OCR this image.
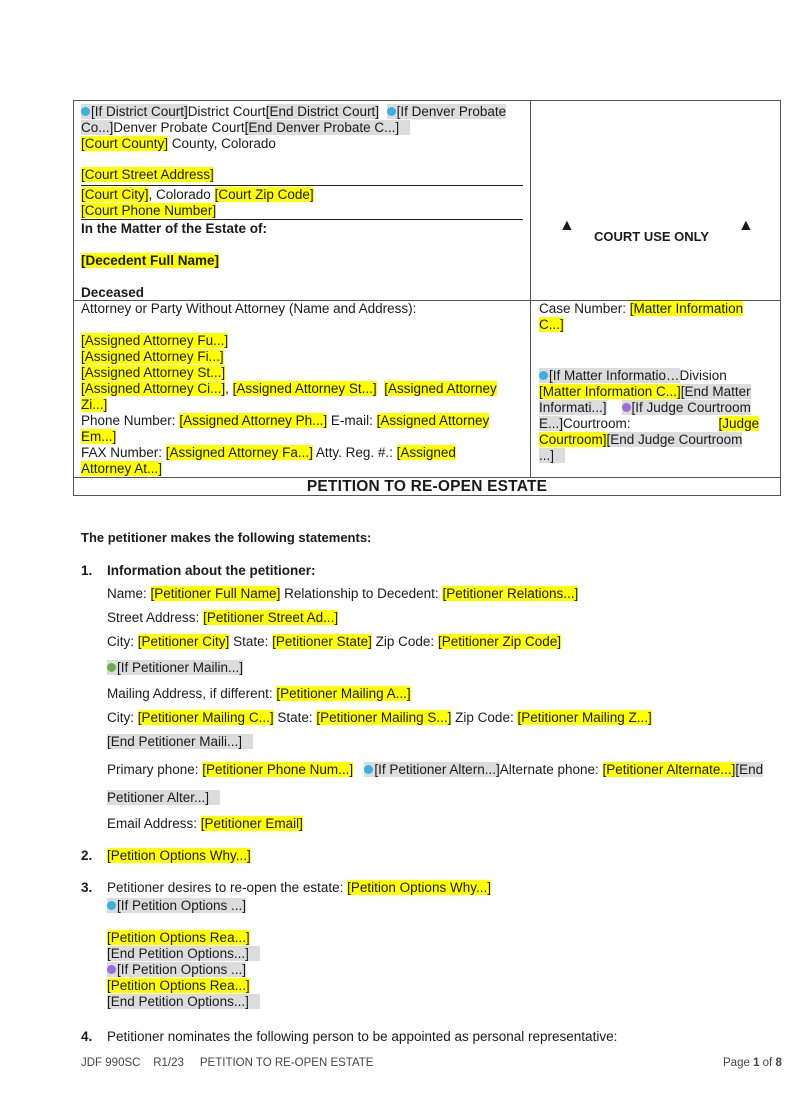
[If District Court]District Court[End District Court] [If Denver Probate
Co...]Denver Probate Court[End Denver Probate C...]
[Court County] County, Colorado
[Court Street Address]
[Court City], Colorado [Court Zip Code]
[Court Phone Number]
In the Matter of the Estate of:
[Decedent Full Name]
Deceased
▲
COURT USE ONLY
▲
Attorney or Party Without Attorney (Name and Address):

[Assigned Attorney Fu...]
[Assigned Attorney Fi...]
[Assigned Attorney St...]
[Assigned Attorney Ci...], [Assigned Attorney St...] [Assigned Attorney
Zi...]
Phone Number: [Assigned Attorney Ph...] E-mail: [Assigned Attorney
Em...]
FAX Number: [Assigned Attorney Fa...] Atty. Reg. #.: [Assigned
Attorney At...]
Case Number: [Matter Information
C...]
[If Matter Informatio…Division
[Matter Information C...][End Matter
Informati...] [If Judge Courtroom
E...]Courtroom:	[Judge
Courtroom][End Judge Courtroom
...]
PETITION TO RE-OPEN ESTATE
The petitioner makes the following statements:
1. Information about the petitioner:
Name: [Petitioner Full Name] Relationship to Decedent: [Petitioner Relations...]
Street Address: [Petitioner Street Ad...]
City: [Petitioner City] State: [Petitioner State] Zip Code: [Petitioner Zip Code]
[If Petitioner Mailin...]
Mailing Address, if different: [Petitioner Mailing A...]
City: [Petitioner Mailing C...] State: [Petitioner Mailing S...] Zip Code: [Petitioner Mailing Z...]
[End Petitioner Maili...]
Primary phone: [Petitioner Phone Num...] [If Petitioner Altern...]Alternate phone: [Petitioner Alternate...][End
Petitioner Alter...]
Email Address: [Petitioner Email]
2. [Petition Options Why...]
3. Petitioner desires to re-open the estate: [Petition Options Why...]
[If Petition Options ...]
[Petition Options Rea...]
[End Petition Options...]
[If Petition Options ...]
[Petition Options Rea...]
[End Petition Options...]
4. Petitioner nominates the following person to be appointed as personal representative:
JDF 990SC R1/23 PETITION TO RE-OPEN ESTATE	Page 1 of 8
